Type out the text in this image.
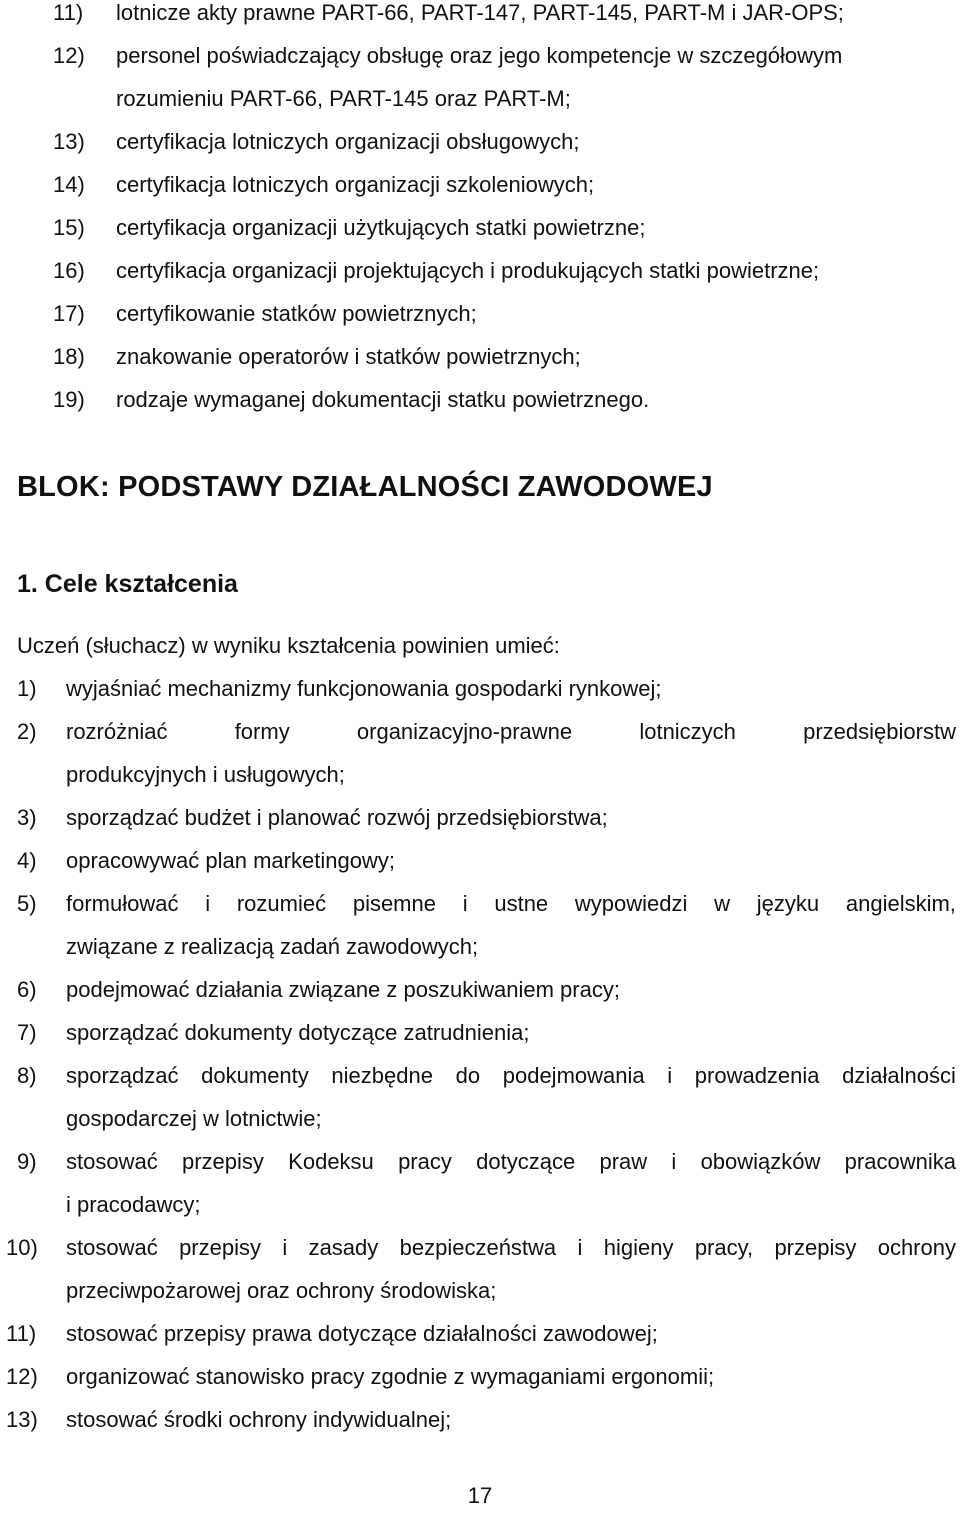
11) lotnicze akty prawne PART-66, PART-147, PART-145, PART-M i JAR-OPS;
12) personel poświadczający obsługę oraz jego kompetencje w szczegółowym
rozumieniu PART-66, PART-145 oraz PART-M;
13) certyfikacja lotniczych organizacji obsługowych;
14) certyfikacja lotniczych organizacji szkoleniowych;
15) certyfikacja organizacji użytkujących statki powietrzne;
16) certyfikacja organizacji projektujących i produkujących statki powietrzne;
17) certyfikowanie statków powietrznych;
18) znakowanie operatorów i statków powietrznych;
19) rodzaje wymaganej dokumentacji statku powietrznego.
BLOK: PODSTAWY DZIAŁALNOŚCI ZAWODOWEJ
1. Cele kształcenia
Uczeń (słuchacz) w wyniku kształcenia powinien umieć:
1) wyjaśniać mechanizmy funkcjonowania gospodarki rynkowej;
2) rozróżniać	formy	organizacyjno-prawne	lotniczych	przedsiębiorstw
produkcyjnych i usługowych;
3) sporządzać budżet i planować rozwój przedsiębiorstwa;
4) opracowywać plan marketingowy;
5) formułować i rozumieć pisemne i ustne wypowiedzi w języku angielskim,
związane z realizacją zadań zawodowych;
6) podejmować działania związane z poszukiwaniem pracy;
7) sporządzać dokumenty dotyczące zatrudnienia;
8) sporządzać dokumenty niezbędne do podejmowania i prowadzenia działalności
gospodarczej w lotnictwie;
9) stosować przepisy Kodeksu pracy dotyczące praw i obowiązków pracownika
i pracodawcy;
10) stosować przepisy i zasady bezpieczeństwa i higieny pracy, przepisy ochrony
przeciwpożarowej oraz ochrony środowiska;
11) stosować przepisy prawa dotyczące działalności zawodowej;
12) organizować stanowisko pracy zgodnie z wymaganiami ergonomii;
13) stosować środki ochrony indywidualnej;
17
